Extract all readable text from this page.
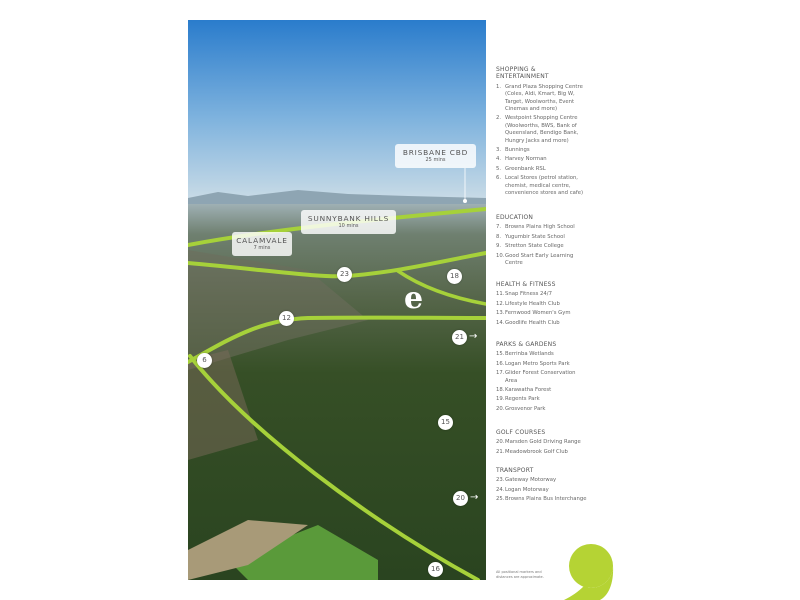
BRISBANE CBD
25 mins
SUNNYBANK HILLS
10 mins
CALAMVALE
7 mins
e
23	18
12
21 →
6
15
20 →
16
SHOPPING & ENTERTAINMENT
1. Grand Plaza Shopping Centre (Coles, Aldi, Kmart, Big W, Target, Woolworths, Event Cinemas and more)
2. Westpoint Shopping Centre (Woolworths, BWS, Bank of Queensland, Bendigo Bank, Hungry Jacks and more)
3. Bunnings
4. Harvey Norman
5. Greenbank RSL
6. Local Stores (petrol station, chemist, medical centre, convenience stores and cafe)
EDUCATION
7. Browns Plains High School
8. Yugumbir State School
9. Stretton State College
10. Good Start Early Learning Centre
HEALTH & FITNESS
11. Snap Fitness 24/7
12. Lifestyle Health Club
13. Fernwood Women's Gym
14. Goodlife Health Club
PARKS & GARDENS
15. Berrinba Wetlands
16. Logan Metro Sports Park
17. Glider Forest Conservation Area
18. Karawatha Forest
19. Regents Park
20. Grosvenor Park
GOLF COURSES
20. Marsden Gold Driving Range
21. Meadowbrook Golf Club
TRANSPORT
23. Gateway Motorway
24. Logan Motorway
25. Browns Plains Bus Interchange
All positional markers and distances are approximate.
